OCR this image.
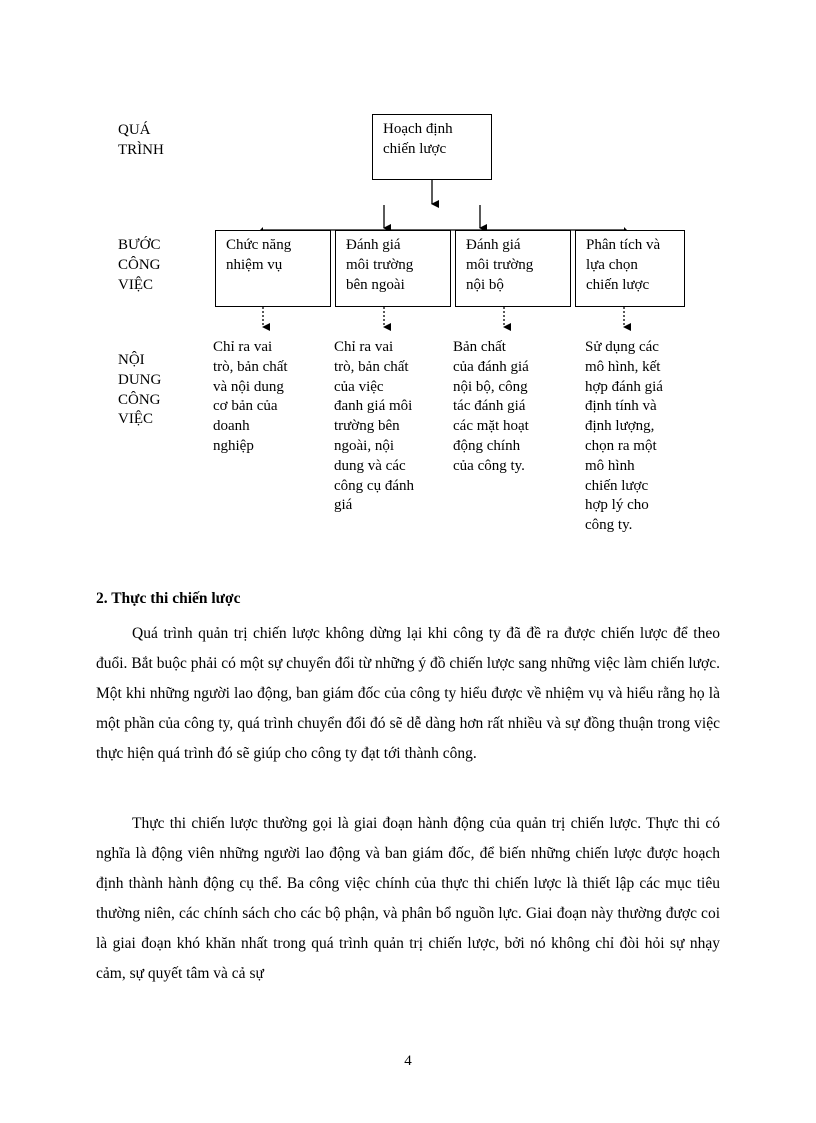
QUÁ
TRÌNH
BƯỚC
CÔNG
VIỆC
NỘI
DUNG
CÔNG
VIỆC
Hoạch định
chiến lược
Chức năng
nhiệm vụ
Đánh giá
môi trường
bên ngoài
Đánh giá
môi trường
nội bộ
Phân tích và
lựa chọn
chiến lược
Chỉ ra vai
trò, bản chất
và nội dung
cơ bản của
doanh
nghiệp
Chỉ ra vai
trò, bản chất
của việc
đanh giá môi
trường bên
ngoài, nội
dung và các
công cụ đánh
giá
Bản chất
của đánh giá
nội bộ, công
tác đánh giá
các mặt hoạt
động chính
của công ty.
Sử dụng các
mô hình, kết
hợp đánh giá
định tính và
định lượng,
chọn ra một
mô hình
chiến lược
hợp lý cho
công ty.
2. Thực thi chiến lược

Quá trình quản trị chiến lược không dừng lại khi công ty đã đề ra được chiến lược để theo đuổi. Bắt buộc phải có một sự chuyển đổi từ những ý đồ chiến lược sang những việc làm chiến lược. Một khi những người lao động, ban giám đốc của công ty hiểu được về nhiệm vụ và hiểu rằng họ là một phần của công ty, quá trình chuyển đổi đó sẽ dễ dàng hơn rất nhiều và sự đồng thuận trong việc thực hiện quá trình đó sẽ giúp cho công ty đạt tới thành công.

Thực thi chiến lược thường gọi là giai đoạn hành động của quản trị chiến lược. Thực thi có nghĩa là động viên những người lao động và ban giám đốc, để biến những chiến lược được hoạch định thành hành động cụ thể. Ba công việc chính của thực thi chiến lược là thiết lập các mục tiêu thường niên, các chính sách cho các bộ phận, và phân bổ nguồn lực. Giai đoạn này thường được coi là giai đoạn khó khăn nhất trong quá trình quản trị chiến lược, bởi nó không chỉ đòi hỏi sự nhạy cảm, sự quyết tâm và cả sự

4
